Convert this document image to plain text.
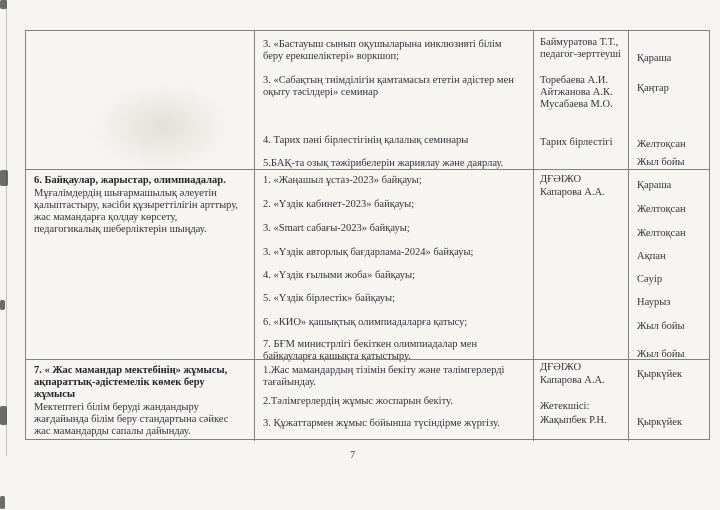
3. «Бастауыш сынып оқушыларына инклюзивті білім беру ерекшеліктері» воркшоп;

3. «Сабақтың тиімділігін қамтамасыз ететін әдістер мен оқыту тәсілдері» семинар

4. Тарих пәні бірлестігінің қалалық семинары

5.БАҚ-та озық тәжірибелерін жариялау және даярлау.

Баймуратова Т.Т., педагог-зерттеуші

Торебаева А.И. Айтжанова А.К. Мусабаева М.О.

Тарих бірлестігі

Қараша

Қаңтар

Желтоқсан

Жыл бойы

6. Байқаулар, жарыстар, олимпиадалар.

Мұғалімдердің шығармашылық әлеуетін қалыптастыру, кәсіби құзыреттілігін арттыру, жас мамандарға қолдау көрсету, педагогикалық шеберліктерін шыңдау.

1. «Жаңашыл ұстаз-2023» байқауы;

2. «Үздік кабинет-2023» байқауы;

3. «Smart сабағы-2023» байқауы;

3. «Үздік авторлық бағдарлама-2024» байқауы;

4. «Үздік ғылыми жоба» байқауы;

5. «Үздік бірлестік» байқауы;

6. «КИО» қашықтық олимпиадаларға қатысу;

7. БҒМ министрлігі бекіткен олимпиадалар мен байқауларға қашықта қатыстыру.

ДҒӘІЖО

Капарова А.А.

Қараша

Желтоқсан

Желтоқсан

Ақпан

Сәуір

Наурыз

Жыл бойы

Жыл бойы

7. « Жас мамандар мектебінің» жұмысы, ақпараттық-әдістемелік көмек беру жұмысы

Мектептегі білім беруді жандандыру жағдайында білім беру стандартына сәйкес жас мамандарды сапалы дайындау.

1.Жас мамандардың тізімін бекіту және тәлімгерлерді тағайындау.

2.Тәлімгерлердің жұмыс жоспарын бекіту.

3. Құжаттармен жұмыс бойынша түсіндірме жүргізу.

ДҒӘІЖО

Капарова А.А.

Жетекшісі:

Жақыпбек Р.Н.

Қыркүйек

Қыркүйек

7
